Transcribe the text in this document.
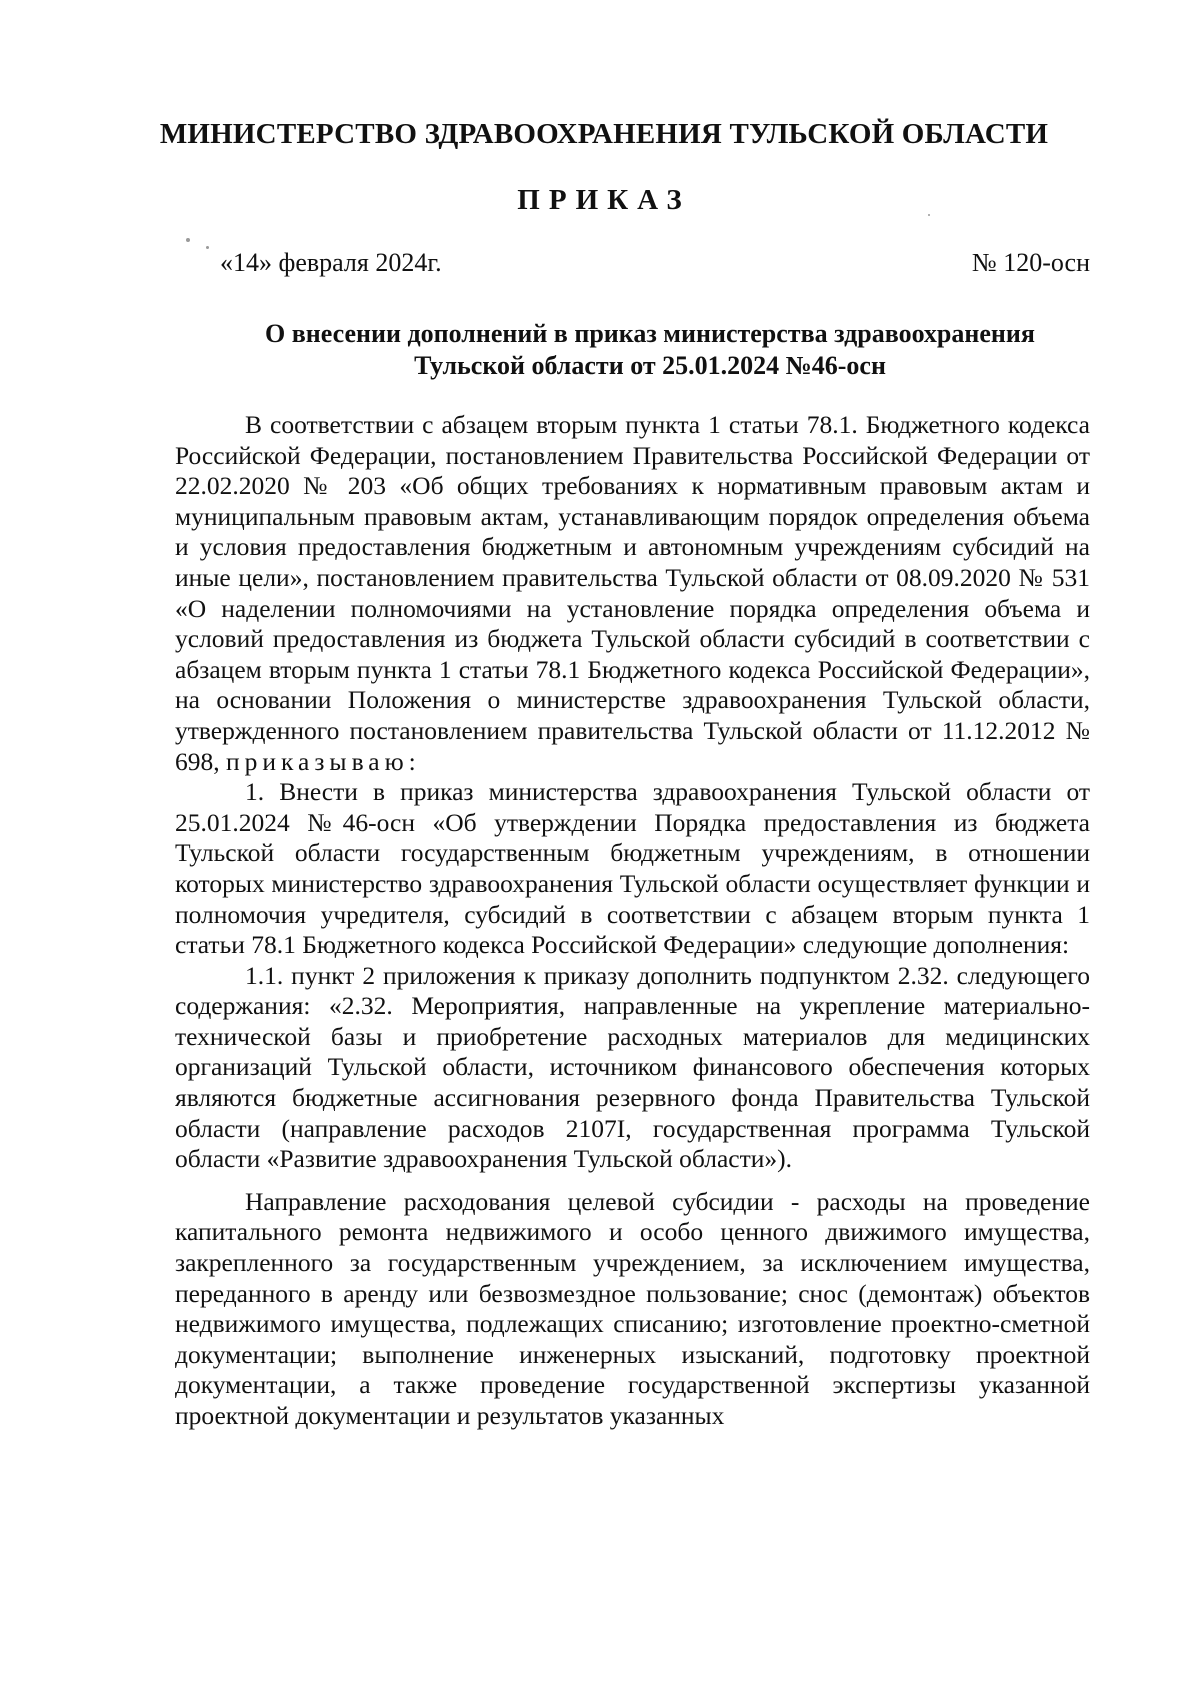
МИНИСТЕРСТВО ЗДРАВООХРАНЕНИЯ ТУЛЬСКОЙ ОБЛАСТИ
ПРИКАЗ
«14» февраля 2024г.	№ 120-осн
О внесении дополнений в приказ министерства здравоохранения
Тульской области от 25.01.2024 №46-осн

В соответствии с абзацем вторым пункта 1 статьи 78.1. Бюджетного кодекса Российской Федерации, постановлением Правительства Российской Федерации от 22.02.2020 № 203 «Об общих требованиях к нормативным правовым актам и муниципальным правовым актам, устанавливающим порядок определения объема и условия предоставления бюджетным и автономным учреждениям субсидий на иные цели», постановлением правительства Тульской области от 08.09.2020 № 531 «О наделении полномочиями на установление порядка определения объема и условий предоставления из бюджета Тульской области субсидий в соответствии с абзацем вторым пункта 1 статьи 78.1 Бюджетного кодекса Российской Федерации», на основании Положения о министерстве здравоохранения Тульской области, утвержденного постановлением правительства Тульской области от 11.12.2012 № 698, приказываю:

1. Внести в приказ министерства здравоохранения Тульской области от 25.01.2024 №46-осн «Об утверждении Порядка предоставления из бюджета Тульской области государственным бюджетным учреждениям, в отношении которых министерство здравоохранения Тульской области осуществляет функции и полномочия учредителя, субсидий в соответствии с абзацем вторым пункта 1 статьи 78.1 Бюджетного кодекса Российской Федерации» следующие дополнения:

1.1. пункт 2 приложения к приказу дополнить подпунктом 2.32. следующего содержания: «2.32. Мероприятия, направленные на укрепление материально-технической базы и приобретение расходных материалов для медицинских организаций Тульской области, источником финансового обеспечения которых являются бюджетные ассигнования резервного фонда Правительства Тульской области (направление расходов 2107I, государственная программа Тульской области «Развитие здравоохранения Тульской области»).

Направление расходования целевой субсидии - расходы на проведение капитального ремонта недвижимого и особо ценного движимого имущества, закрепленного за государственным учреждением, за исключением имущества, переданного в аренду или безвозмездное пользование; снос (демонтаж) объектов недвижимого имущества, подлежащих списанию; изготовление проектно-сметной документации; выполнение инженерных изысканий, подготовку проектной документации, а также проведение государственной экспертизы указанной проектной документации и результатов указанных
